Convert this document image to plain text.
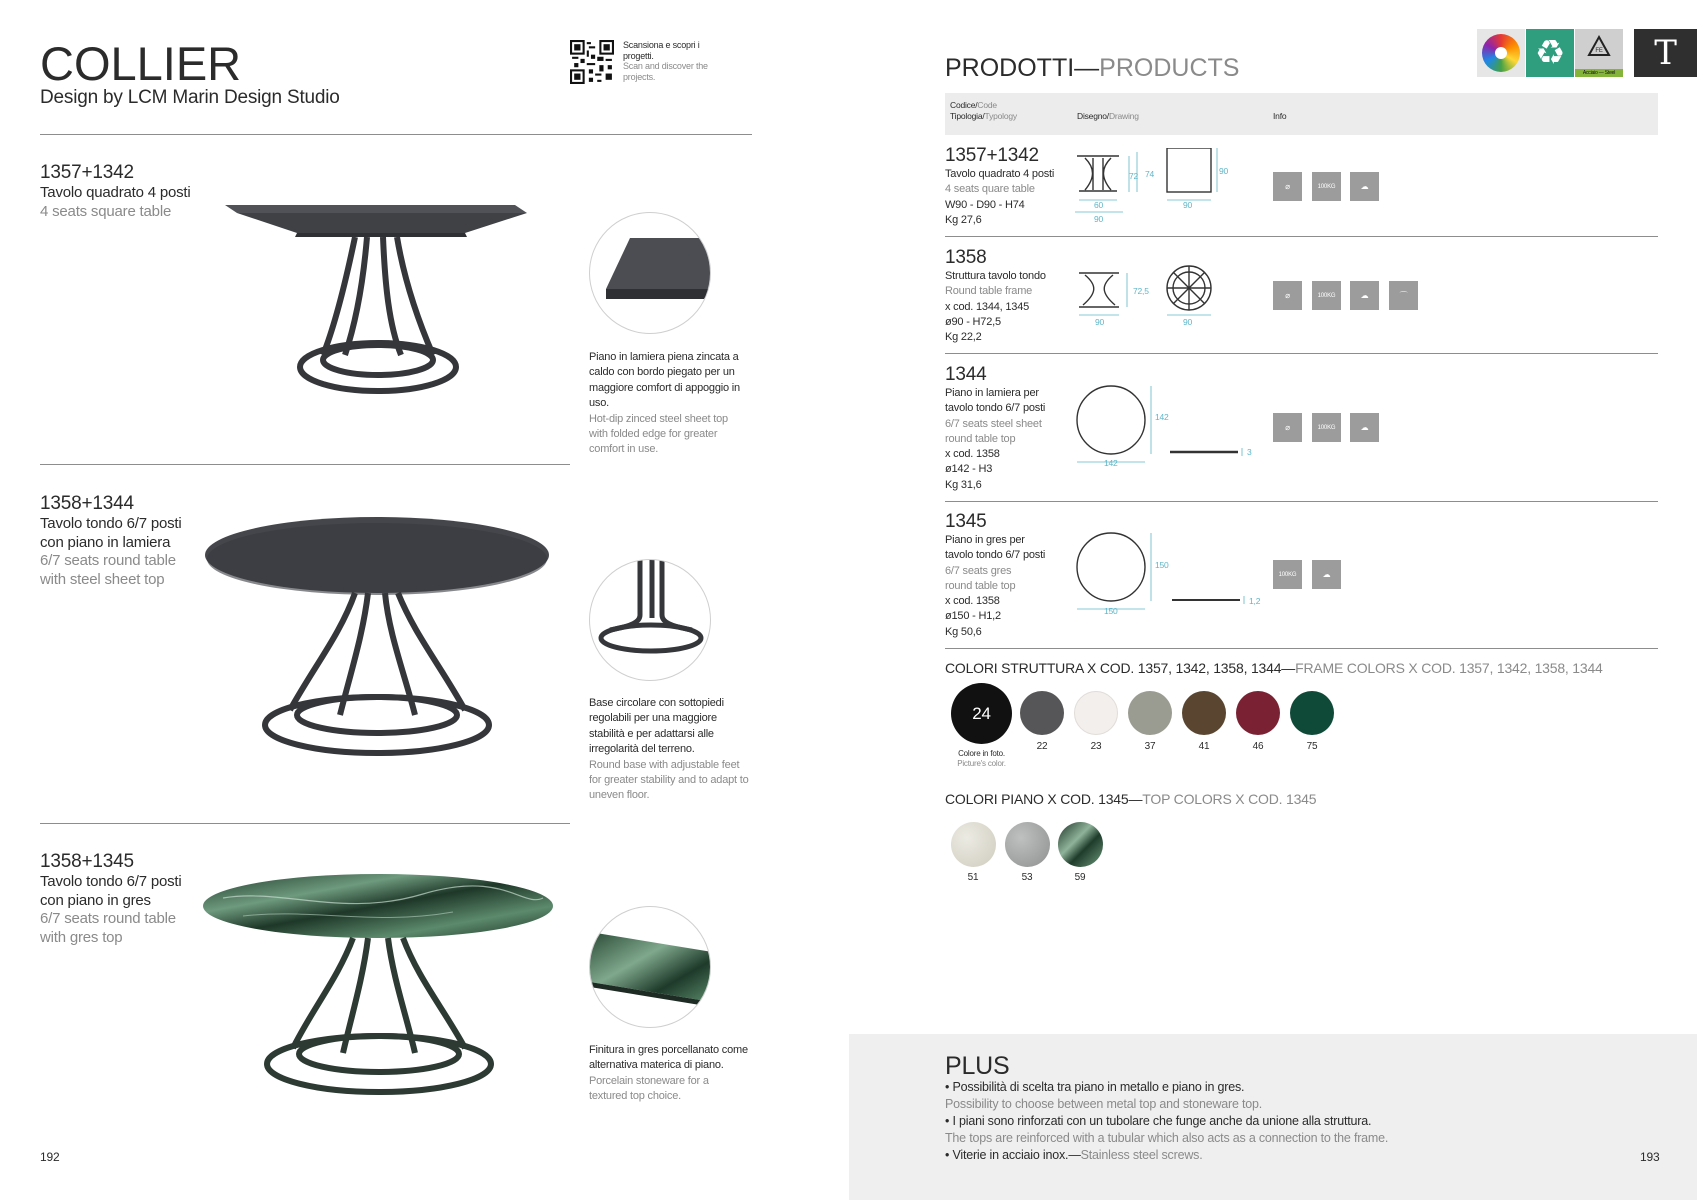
COLLIER
Design by LCM Marin Design Studio
Scansiona e scopri i progetti.
Scan and discover the projects.
1357+1342
Tavolo quadrato 4 posti
4 seats square table
Piano in lamiera piena zincata a caldo con bordo piegato per un maggiore comfort di appoggio in uso.
Hot-dip zinced steel sheet top with folded edge for greater comfort in use.
1358+1344
Tavolo tondo 6/7 posti con piano in lamiera
6/7 seats round table with steel sheet top
Base circolare con sottopiedi regolabili per una maggiore stabilità e per adattarsi alle irregolarità del terreno.
Round base with adjustable feet for greater stability and to adapt to uneven floor.
1358+1345
Tavolo tondo 6/7 posti con piano in gres
6/7 seats round table with gres top
Finitura in gres porcellanato come alternativa materica di piano.
Porcelain stoneware for a textured top choice.
192
PRODOTTI—PRODUCTS	♻	FE
Acciaio — Steel	T
Codice/Code
Tipologia/Typology	Disegno/Drawing	Info
1357+1342
Tavolo quadrato 4 posti
4 seats quare table
W90 - D90 - H74
Kg 27,6
72 74
60
90
90
90
⌀	100KG	☁
1358
Struttura tavolo tondo
Round table frame
x cod. 1344, 1345
ø90 - H72,5
Kg 22,2
72,5
90	90
⌀	100KG	☁	⌒
1344
Piano in lamiera per
tavolo tondo 6/7 posti
6/7 seats steel sheet
round table top
x cod. 1358
ø142 - H3
Kg 31,6
142
142
3
⌀	100KG	☁
1345
Piano in gres per
tavolo tondo 6/7 posti
6/7 seats gres
round table top
x cod. 1358
ø150 - H1,2
Kg 50,6
150
150
1,2
100KG	☁
COLORI STRUTTURA X COD. 1357, 1342, 1358, 1344—FRAME COLORS X COD. 1357, 1342, 1358, 1344
24
Colore in foto.
Picture's color.
22	23	37	41	46	75
COLORI PIANO X COD. 1345—TOP COLORS X COD. 1345
51	53	59
PLUS
• Possibilità di scelta tra piano in metallo e piano in gres.
Possibility to choose between metal top and stoneware top.
• I piani sono rinforzati con un tubolare che funge anche da unione alla struttura.
The tops are reinforced with a tubular which also acts as a connection to the frame.
• Viterie in acciaio inox.—Stainless steel screws.	193
